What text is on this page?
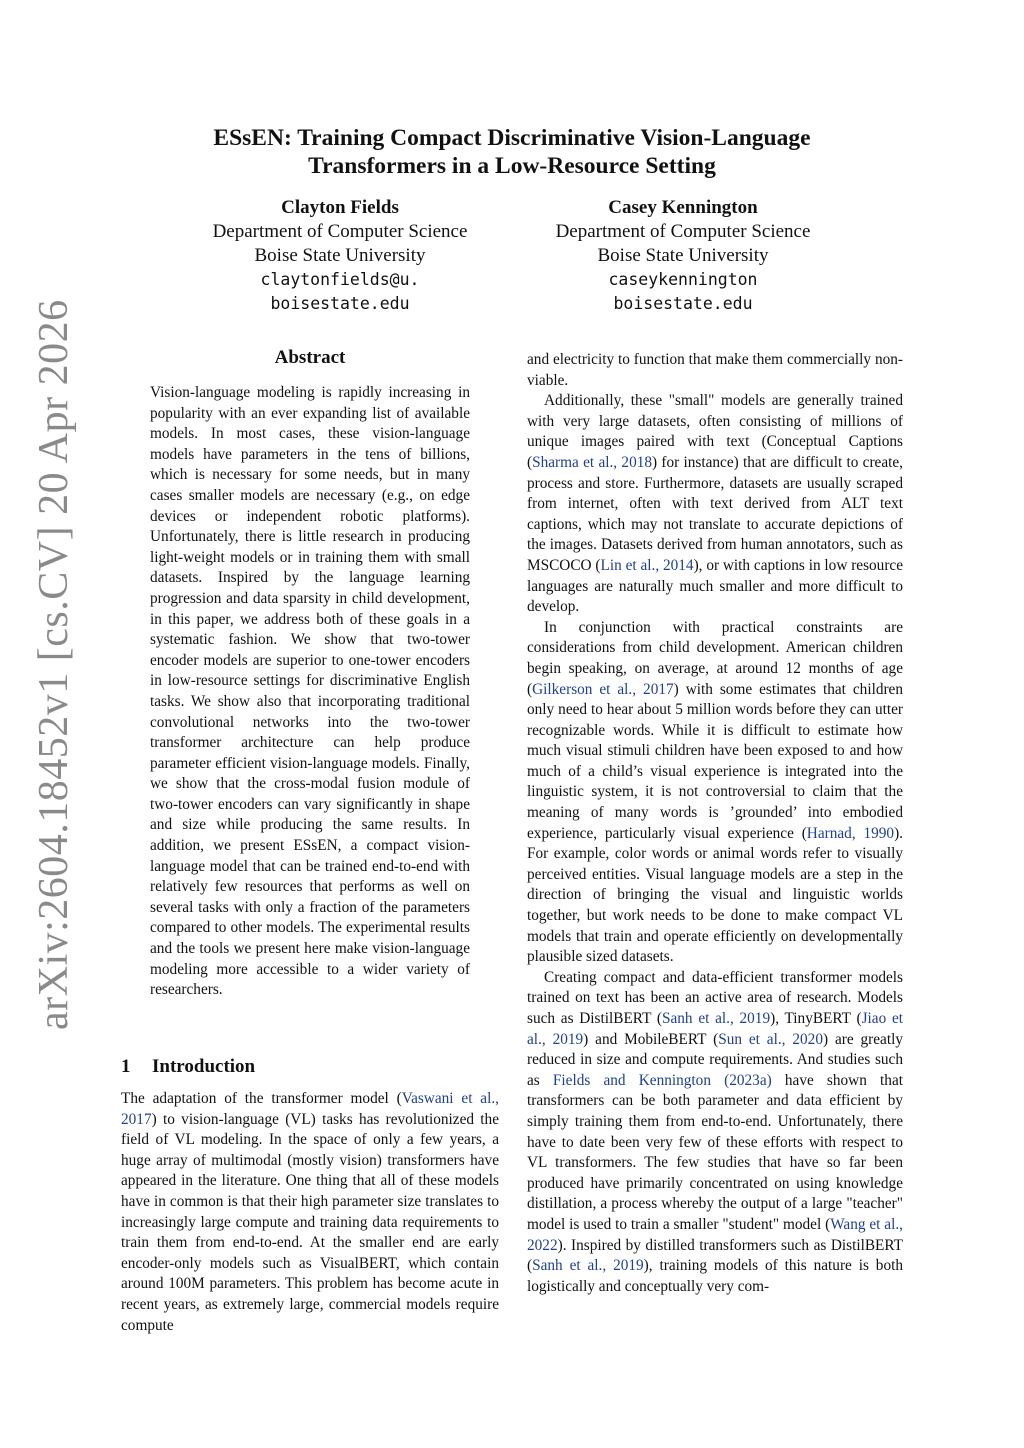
arXiv:2604.18452v1 [cs.CV] 20 Apr 2026
ESsEN: Training Compact Discriminative Vision-Language
Transformers in a Low-Resource Setting
Clayton Fields
Department of Computer Science
Boise State University
claytonfields@u.
boisestate.edu
Casey Kennington
Department of Computer Science
Boise State University
caseykennington
boisestate.edu
Abstract
Vision-language modeling is rapidly increasing in popularity with an ever expanding list of available models. In most cases, these vision-language models have parameters in the tens of billions, which is necessary for some needs, but in many cases smaller models are necessary (e.g., on edge devices or independent robotic platforms). Unfortunately, there is little research in producing light-weight models or in training them with small datasets. Inspired by the language learning progression and data sparsity in child development, in this paper, we address both of these goals in a systematic fashion. We show that two-tower encoder models are superior to one-tower encoders in low-resource settings for discriminative English tasks. We show also that incorporating traditional convolutional networks into the two-tower transformer architecture can help produce parameter efficient vision-language models. Finally, we show that the cross-modal fusion module of two-tower encoders can vary significantly in shape and size while producing the same results. In addition, we present ESsEN, a compact vision-language model that can be trained end-to-end with relatively few resources that performs as well on several tasks with only a fraction of the parameters compared to other models. The experimental results and the tools we present here make vision-language modeling more accessible to a wider variety of researchers.
1 Introduction

The adaptation of the transformer model (Vaswani et al., 2017) to vision-language (VL) tasks has revolutionized the field of VL modeling. In the space of only a few years, a huge array of multimodal (mostly vision) transformers have appeared in the literature. One thing that all of these models have in common is that their high parameter size translates to increasingly large compute and training data requirements to train them from end-to-end. At the smaller end are early encoder-only models such as VisualBERT, which contain around 100M parameters. This problem has become acute in recent years, as extremely large, commercial models require compute

and electricity to function that make them commercially non-viable.

Additionally, these "small" models are generally trained with very large datasets, often consisting of millions of unique images paired with text (Conceptual Captions (Sharma et al., 2018) for instance) that are difficult to create, process and store. Furthermore, datasets are usually scraped from internet, often with text derived from ALT text captions, which may not translate to accurate depictions of the images. Datasets derived from human annotators, such as MSCOCO (Lin et al., 2014), or with captions in low resource languages are naturally much smaller and more difficult to develop.

In conjunction with practical constraints are considerations from child development. American children begin speaking, on average, at around 12 months of age (Gilkerson et al., 2017) with some estimates that children only need to hear about 5 million words before they can utter recognizable words. While it is difficult to estimate how much visual stimuli children have been exposed to and how much of a child’s visual experience is integrated into the linguistic system, it is not controversial to claim that the meaning of many words is ’grounded’ into embodied experience, particularly visual experience (Harnad, 1990). For example, color words or animal words refer to visually perceived entities. Visual language models are a step in the direction of bringing the visual and linguistic worlds together, but work needs to be done to make compact VL models that train and operate efficiently on developmentally plausible sized datasets.

Creating compact and data-efficient transformer models trained on text has been an active area of research. Models such as DistilBERT (Sanh et al., 2019), TinyBERT (Jiao et al., 2019) and MobileBERT (Sun et al., 2020) are greatly reduced in size and compute requirements. And studies such as Fields and Kennington (2023a) have shown that transformers can be both parameter and data efficient by simply training them from end-to-end. Unfortunately, there have to date been very few of these efforts with respect to VL transformers. The few studies that have so far been produced have primarily concentrated on using knowledge distillation, a process whereby the output of a large "teacher" model is used to train a smaller "student" model (Wang et al., 2022). Inspired by distilled transformers such as DistilBERT (Sanh et al., 2019), training models of this nature is both logistically and conceptually very com-
